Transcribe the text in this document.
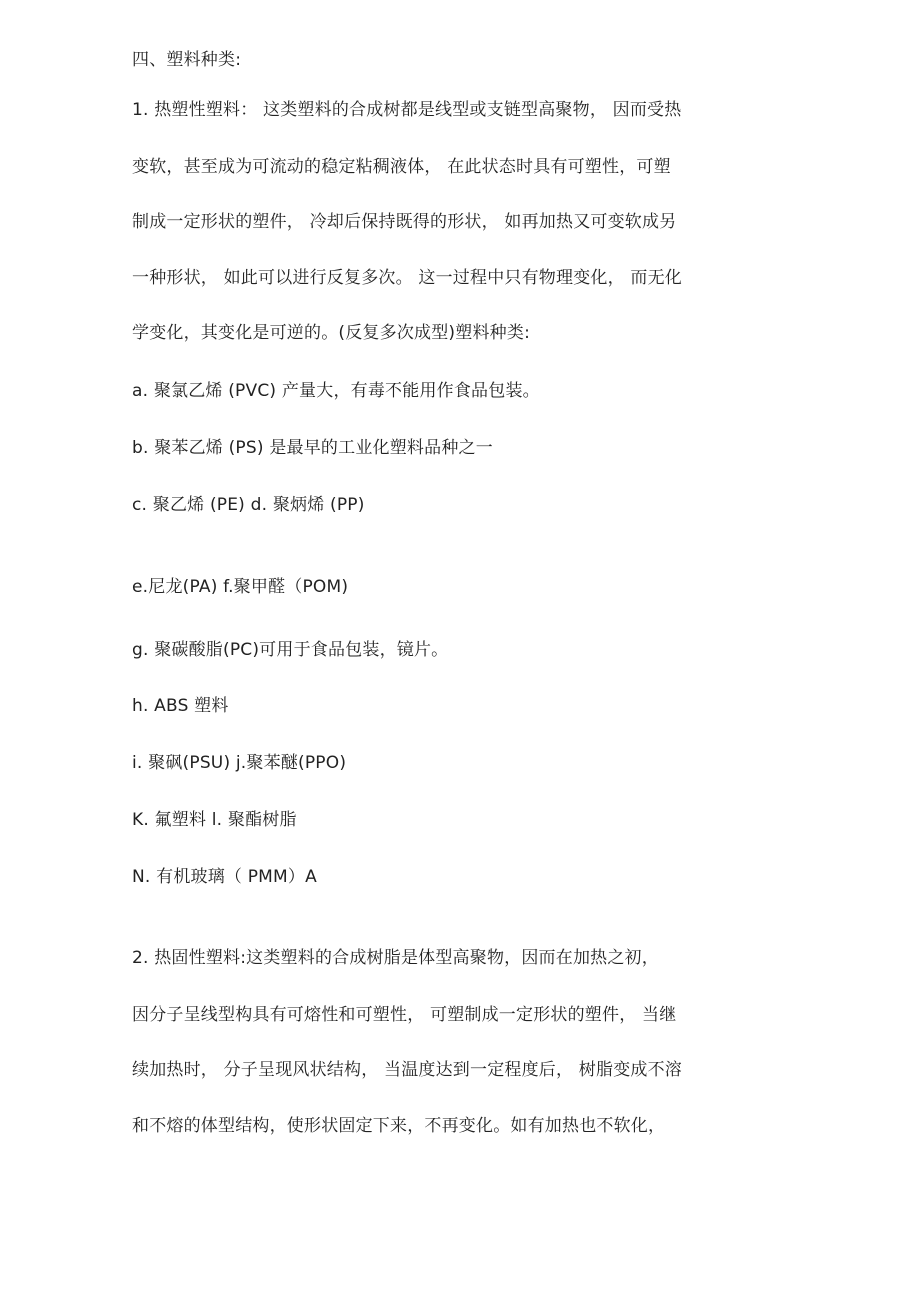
四、塑料种类:
1. 热塑性塑料： 这类塑料的合成树都是线型或支链型高聚物， 因而受热
变软，甚至成为可流动的稳定粘稠液体， 在此状态时具有可塑性，可塑
制成一定形状的塑件， 冷却后保持既得的形状， 如再加热又可变软成另
一种形状， 如此可以进行反复多次。 这一过程中只有物理变化， 而无化
学变化，其变化是可逆的。(反复多次成型)塑料种类:
a. 聚氯乙烯 (PVC) 产量大，有毒不能用作食品包装。
b. 聚苯乙烯 (PS) 是最早的工业化塑料品种之一
c. 聚乙烯 (PE) d. 聚炳烯 (PP)
e.尼龙(PA) f.聚甲醛（POM)
g. 聚碳酸脂(PC)可用于食品包装，镜片。
h. ABS 塑料
i. 聚砜(PSU) j.聚苯醚(PPO)
K. 氟塑料 l. 聚酯树脂
N. 有机玻璃（ PMM）A
2. 热固性塑料:这类塑料的合成树脂是体型高聚物，因而在加热之初，
因分子呈线型构具有可熔性和可塑性， 可塑制成一定形状的塑件， 当继
续加热时， 分子呈现风状结构， 当温度达到一定程度后， 树脂变成不溶
和不熔的体型结构，使形状固定下来，不再变化。如有加热也不软化，
